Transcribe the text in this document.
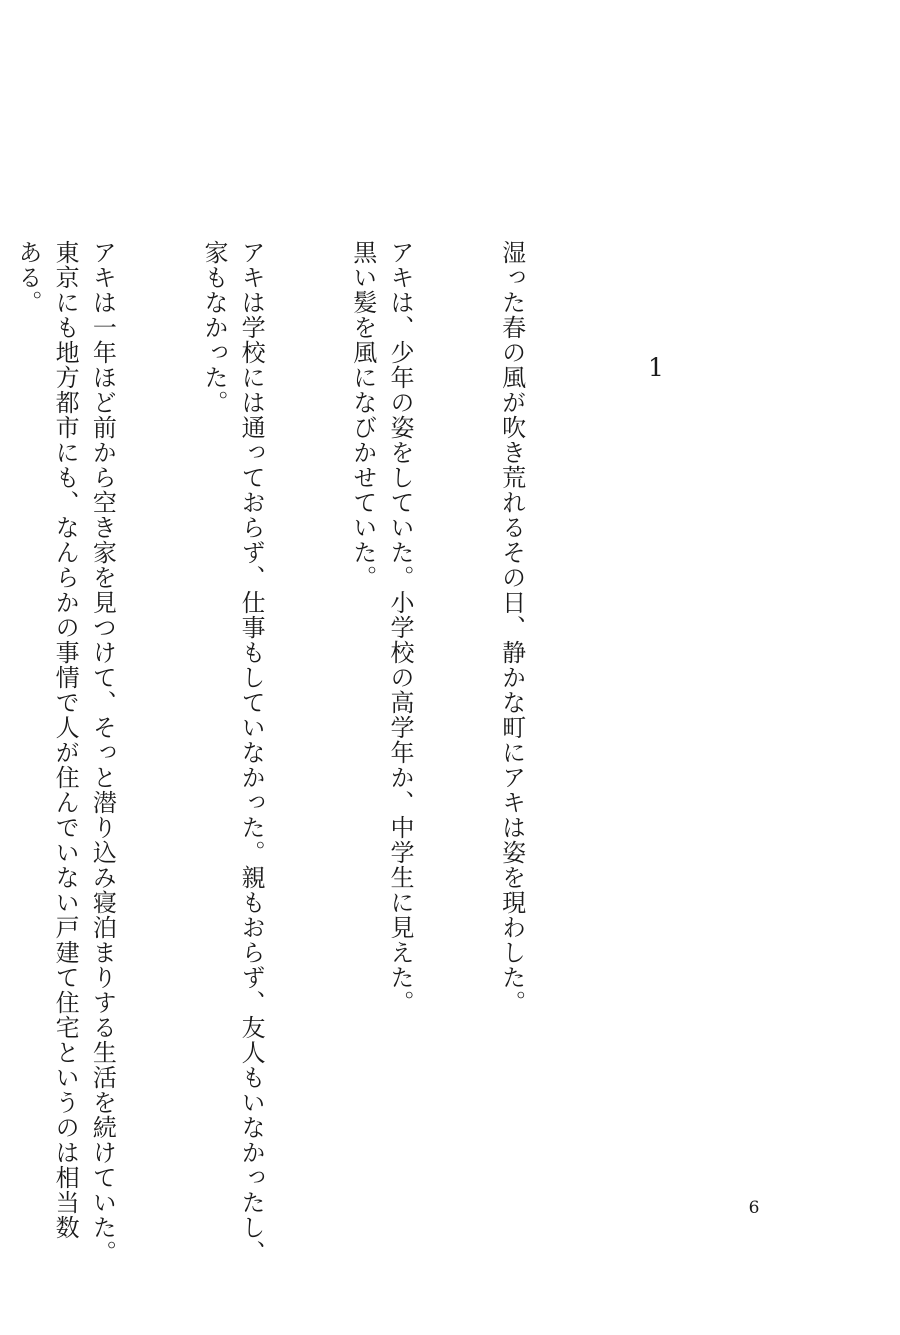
1

湿った春の風が吹き荒れるその日、静かな町にアキは姿を現わした。

アキは、少年の姿をしていた。小学校の高学年か、中学生に見えた。
黒い髪を風になびかせていた。

アキは学校には通っておらず、仕事もしていなかった。親もおらず、友人もいなかったし、
家もなかった。

アキは一年ほど前から空き家を見つけて、そっと潜り込み寝泊まりする生活を続けていた。
東京にも地方都市にも、なんらかの事情で人が住んでいない戸建て住宅というのは相当数
ある。

6
